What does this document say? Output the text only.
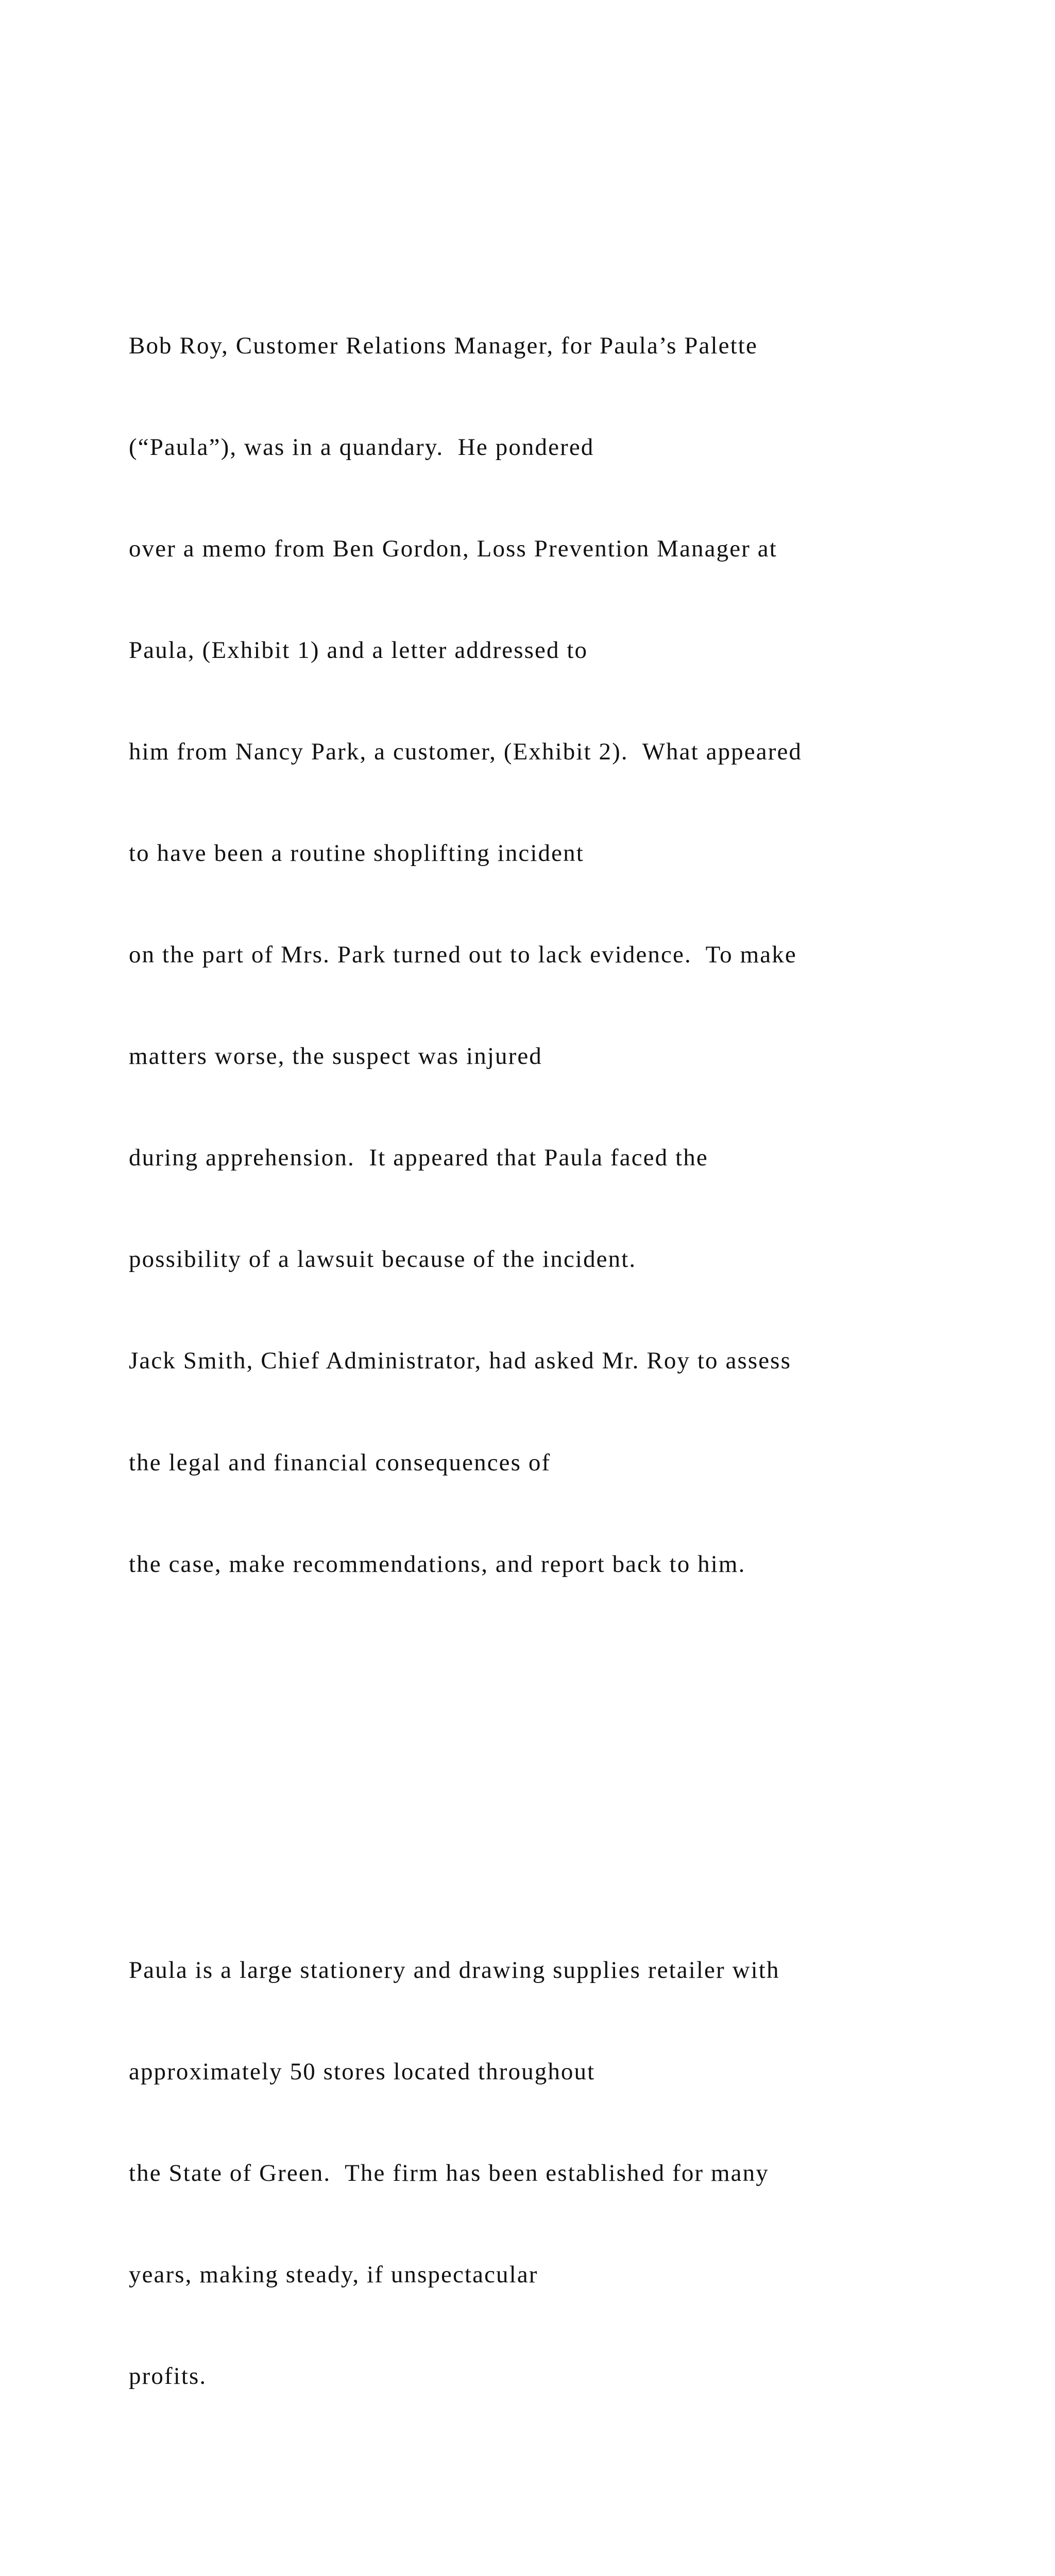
Bob Roy, Customer Relations Manager, for Paula’s Palette

(“Paula”), was in a quandary.  He pondered

over a memo from Ben Gordon, Loss Prevention Manager at

Paula, (Exhibit 1) and a letter addressed to

him from Nancy Park, a customer, (Exhibit 2).  What appeared

to have been a routine shoplifting incident

on the part of Mrs. Park turned out to lack evidence.  To make

matters worse, the suspect was injured

during apprehension.  It appeared that Paula faced the

possibility of a lawsuit because of the incident.

Jack Smith, Chief Administrator, had asked Mr. Roy to assess

the legal and financial consequences of

the case, make recommendations, and report back to him.

Paula is a large stationery and drawing supplies retailer with

approximately 50 stores located throughout

the State of Green.  The firm has been established for many

years, making steady, if unspectacular

profits.
